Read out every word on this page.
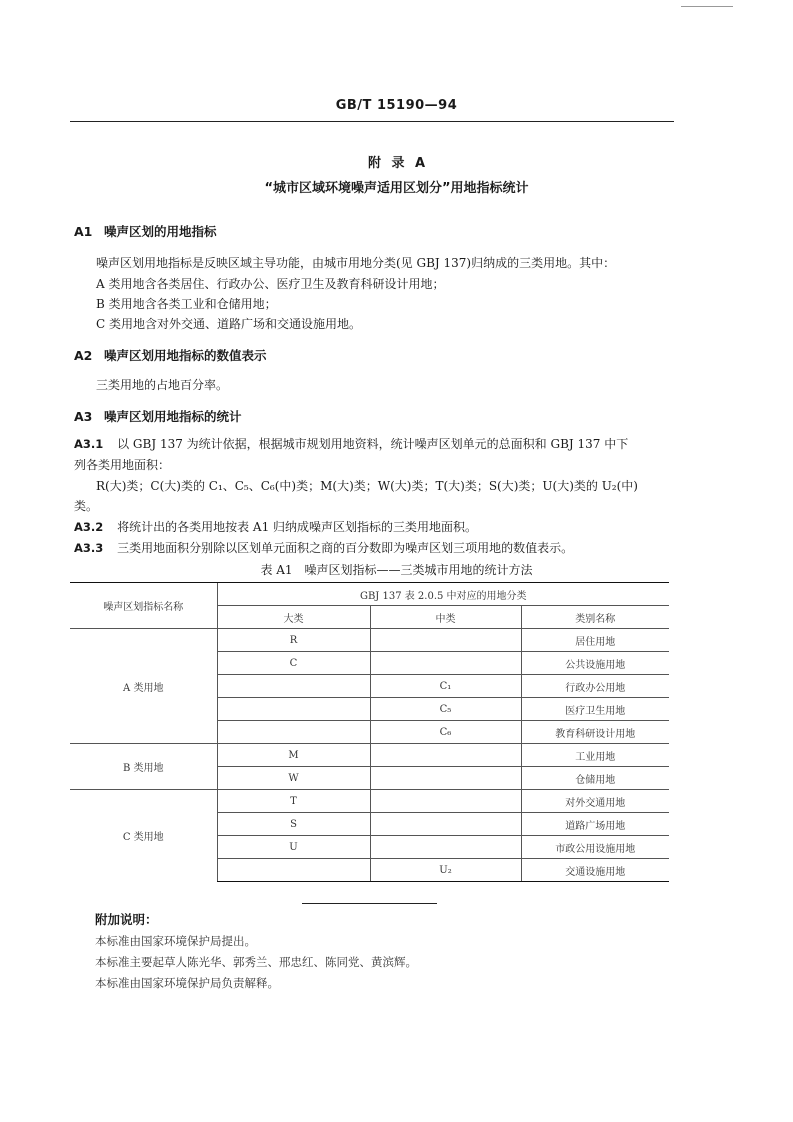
GB/T 15190—94
附 录 A
“城市区域环境噪声适用区划分”用地指标统计
A1 噪声区划的用地指标
噪声区划用地指标是反映区域主导功能，由城市用地分类(见 GBJ 137)归纳成的三类用地。其中：
A 类用地含各类居住、行政办公、医疗卫生及教育科研设计用地；
B 类用地含各类工业和仓储用地；
C 类用地含对外交通、道路广场和交通设施用地。
A2 噪声区划用地指标的数值表示
三类用地的占地百分率。
A3 噪声区划用地指标的统计
A3.1 以 GBJ 137 为统计依据，根据城市规划用地资料，统计噪声区划单元的总面积和 GBJ 137 中下
列各类用地面积：
R(大)类；C(大)类的 C₁、C₅、C₆(中)类；M(大)类；W(大)类；T(大)类；S(大)类；U(大)类的 U₂(中)
类。
A3.2 将统计出的各类用地按表 A1 归纳成噪声区划指标的三类用地面积。
A3.3 三类用地面积分别除以区划单元面积之商的百分数即为噪声区划三项用地的数值表示。
表 A1　噪声区划指标——三类城市用地的统计方法
噪声区划指标名称	GBJ 137 表 2.0.5 中对应的用地分类		
	大类	中类	类别名称
A 类用地	R		居住用地
	C		公共设施用地
		C₁	行政办公用地
		C₅	医疗卫生用地
		C₆	教育科研设计用地
B 类用地	M		工业用地
	W		仓储用地
C 类用地	T		对外交通用地
	S		道路广场用地
	U		市政公用设施用地
		U₂	交通设施用地
附加说明：
本标准由国家环境保护局提出。
本标准主要起草人陈光华、郭秀兰、邢忠红、陈同党、黄滨辉。
本标准由国家环境保护局负责解释。
